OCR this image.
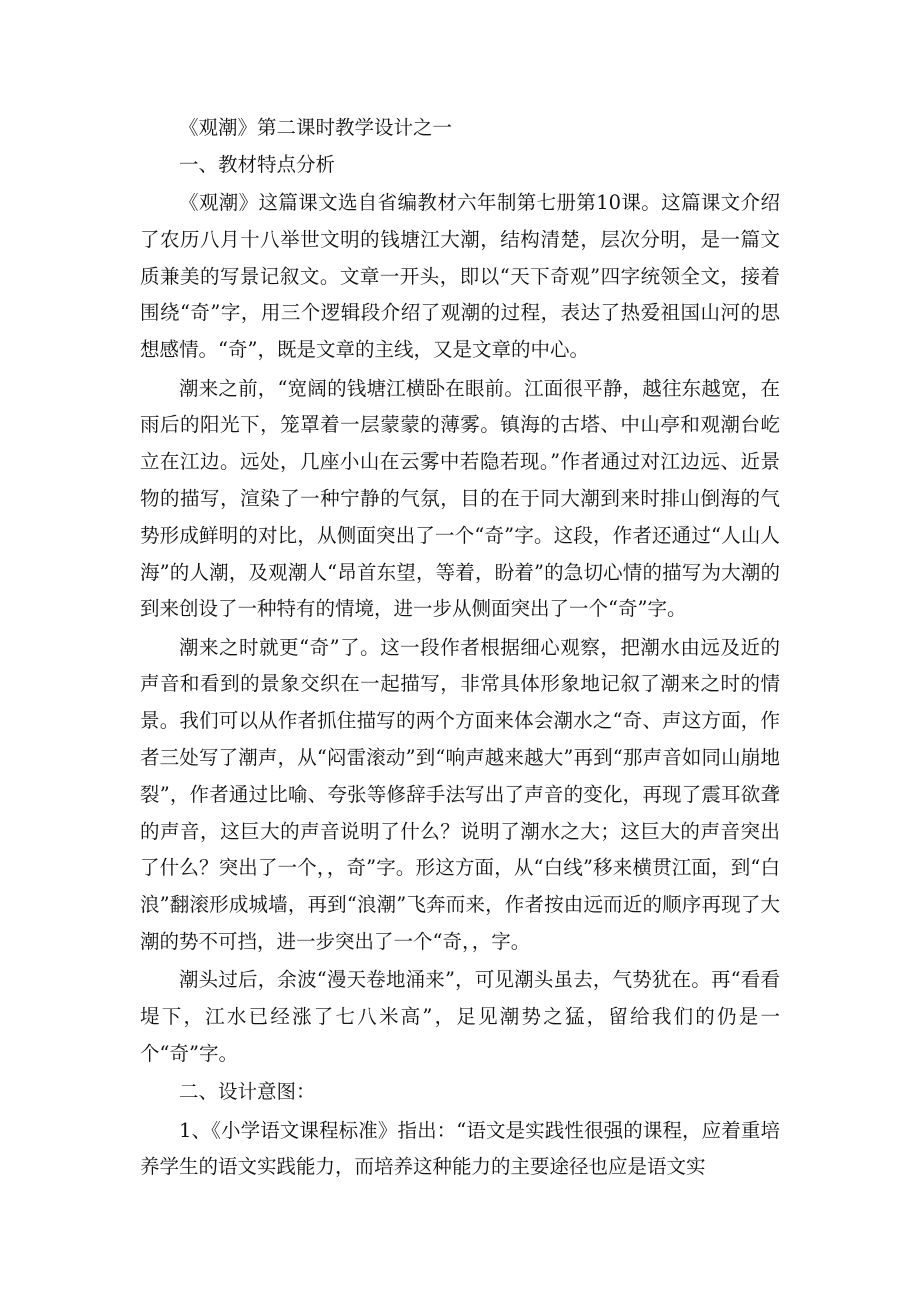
《观潮》第二课时教学设计之一

一、教材特点分析

《观潮》这篇课文选自省编教材六年制第七册第10课。这篇课文介绍了农历八月十八举世文明的钱塘江大潮，结构清楚，层次分明，是一篇文质兼美的写景记叙文。文章一开头，即以“天下奇观”四字统领全文，接着围绕“奇”字，用三个逻辑段介绍了观潮的过程，表达了热爱祖国山河的思想感情。“奇”，既是文章的主线，又是文章的中心。

潮来之前，“宽阔的钱塘江横卧在眼前。江面很平静，越往东越宽，在雨后的阳光下，笼罩着一层蒙蒙的薄雾。镇海的古塔、中山亭和观潮台屹立在江边。远处，几座小山在云雾中若隐若现。”作者通过对江边远、近景物的描写，渲染了一种宁静的气氛，目的在于同大潮到来时排山倒海的气势形成鲜明的对比，从侧面突出了一个“奇”字。这段，作者还通过“人山人海”的人潮，及观潮人“昂首东望，等着，盼着”的急切心情的描写为大潮的到来创设了一种特有的情境，进一步从侧面突出了一个“奇”字。

潮来之时就更“奇”了。这一段作者根据细心观察，把潮水由远及近的声音和看到的景象交织在一起描写，非常具体形象地记叙了潮来之时的情景。我们可以从作者抓住描写的两个方面来体会潮水之“奇、声这方面，作者三处写了潮声，从“闷雷滚动”到“响声越来越大”再到“那声音如同山崩地裂”，作者通过比喻、夸张等修辞手法写出了声音的变化，再现了震耳欲聋的声音，这巨大的声音说明了什么？说明了潮水之大；这巨大的声音突出了什么？突出了一个，，奇”字。形这方面，从“白线”移来横贯江面，到“白浪”翻滚形成城墙，再到“浪潮”飞奔而来，作者按由远而近的顺序再现了大潮的势不可挡，进一步突出了一个“奇，，字。

潮头过后，余波“漫天卷地涌来”，可见潮头虽去，气势犹在。再“看看堤下，江水已经涨了七八米高”，足见潮势之猛，留给我们的仍是一个“奇”字。

二、设计意图：

1、《小学语文课程标准》指出：“语文是实践性很强的课程，应着重培养学生的语文实践能力，而培养这种能力的主要途径也应是语文实
